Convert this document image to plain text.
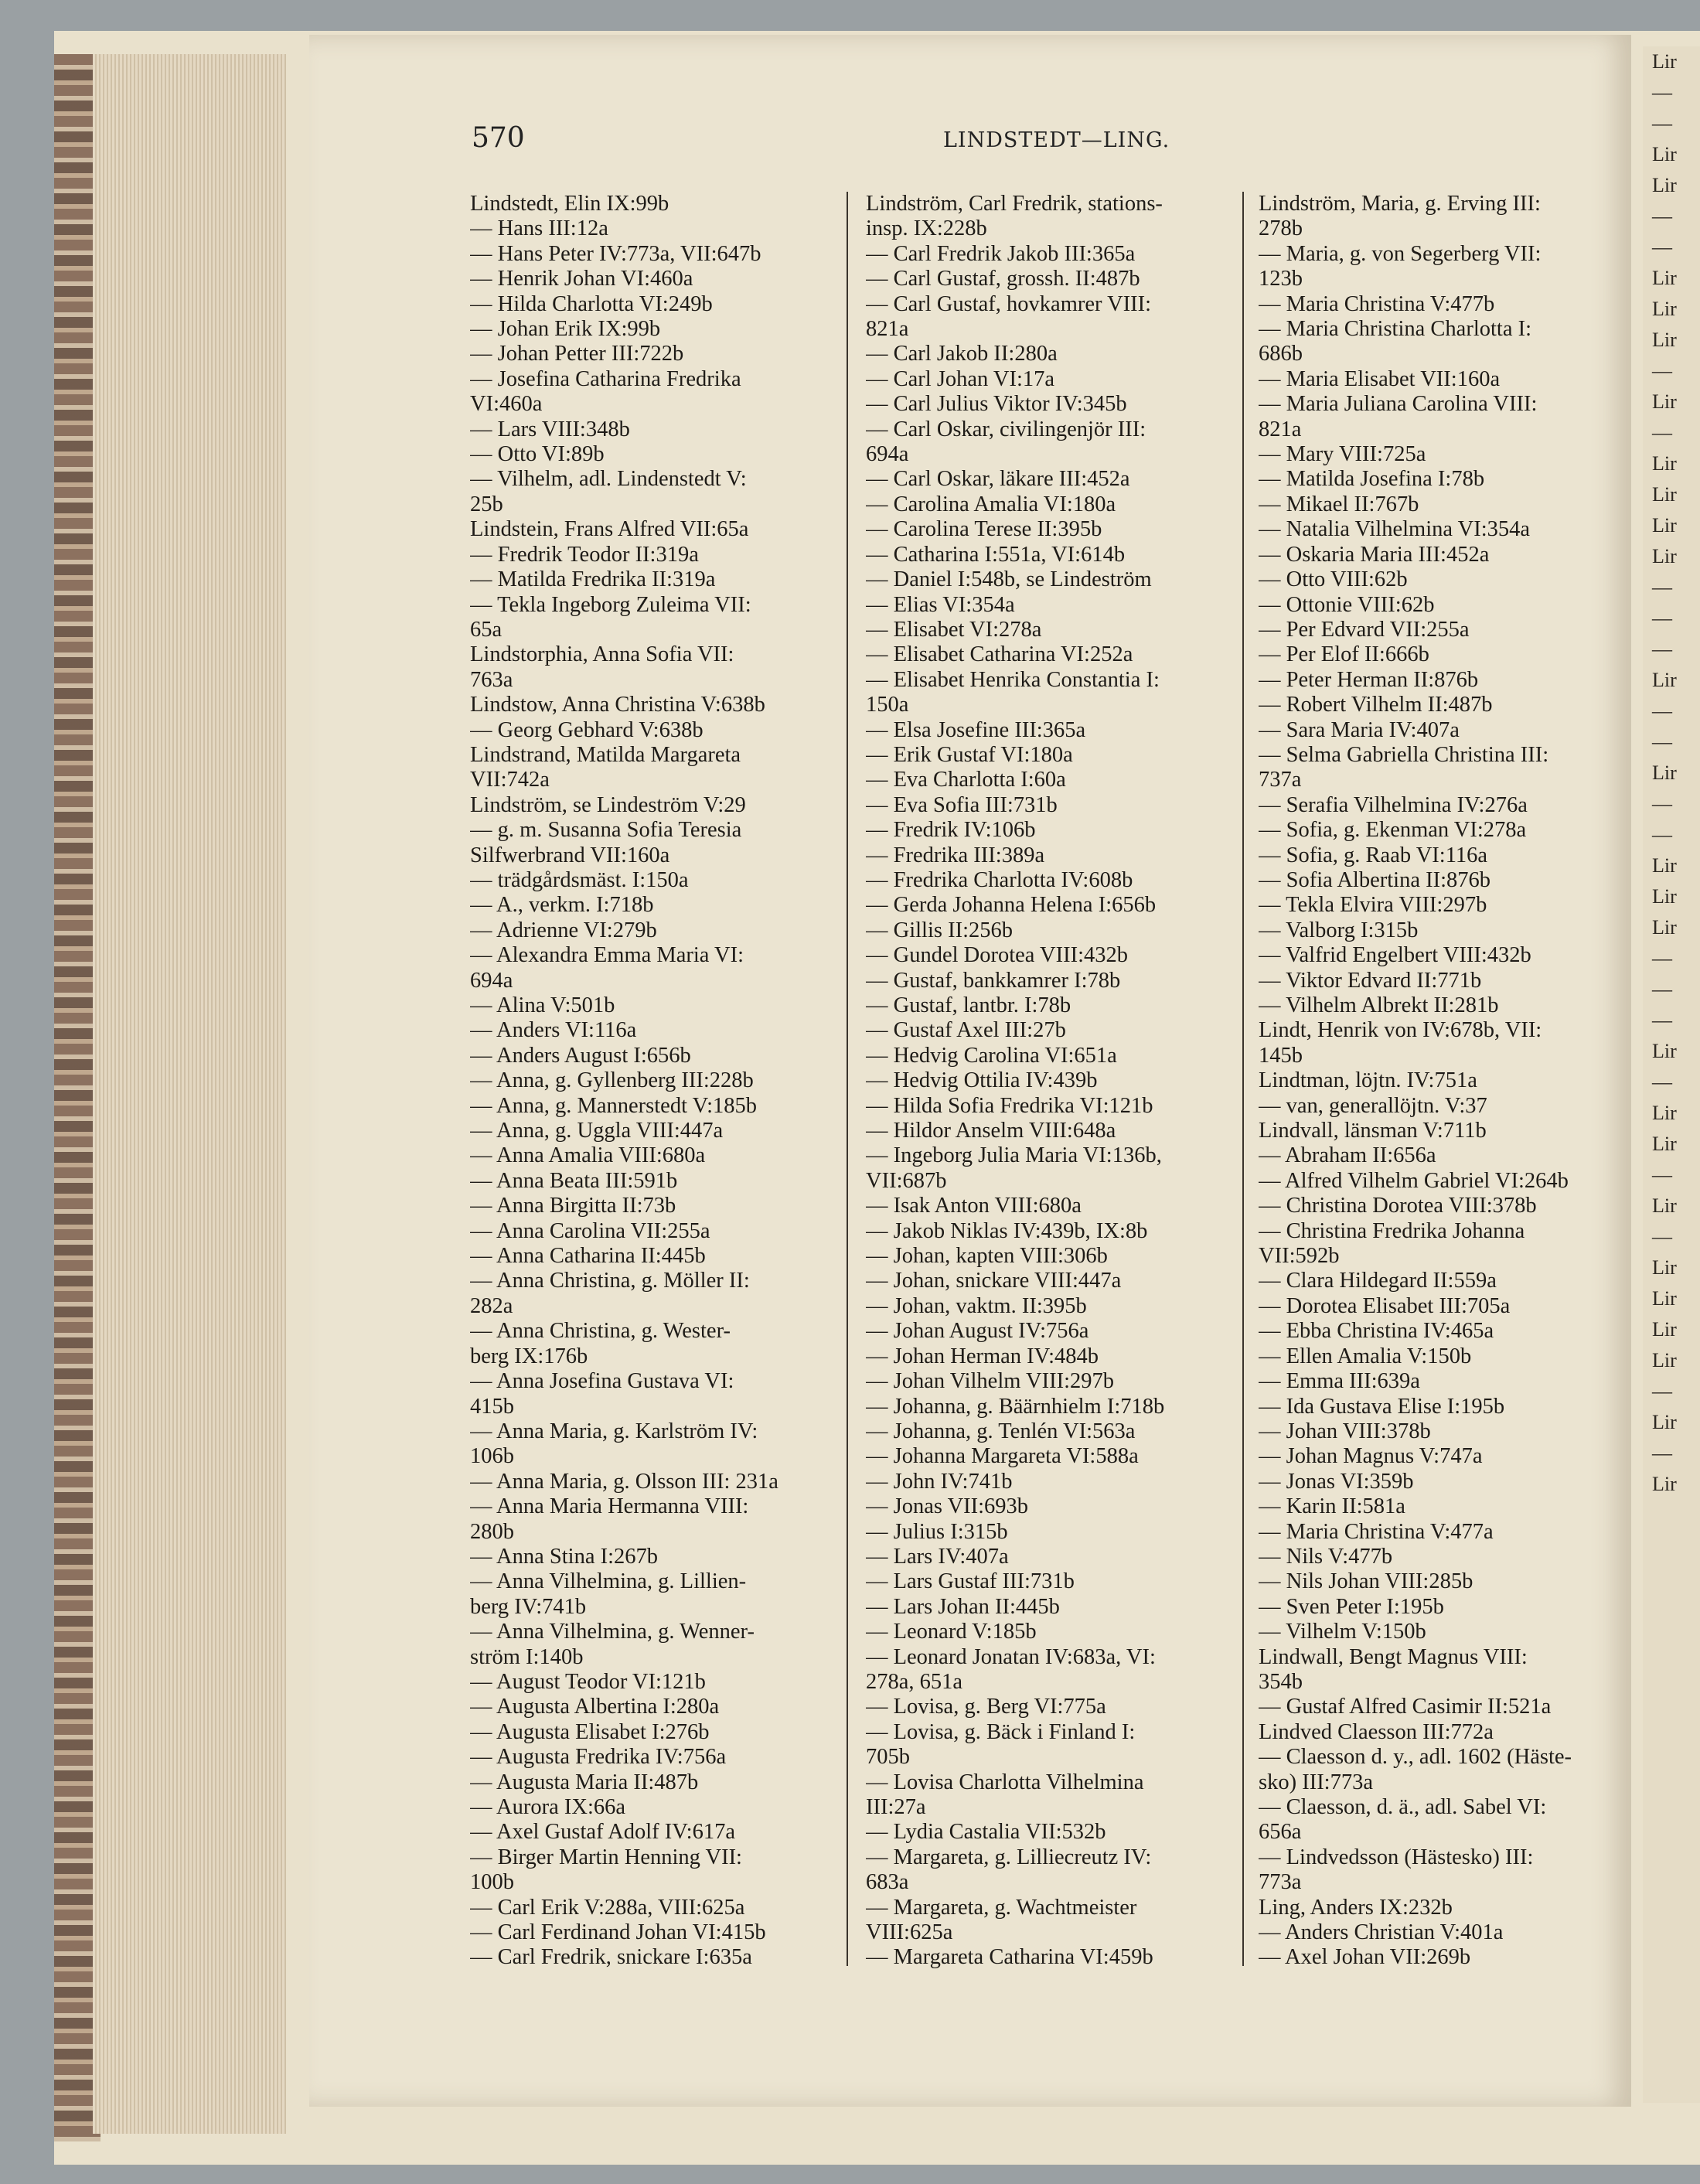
Lir
—
—
Lir
Lir
—
—
Lir
Lir
Lir
—
Lir
—
Lir
Lir
Lir
Lir
—
—
—
Lir
—
—
Lir
—
—
Lir
Lir
Lir
—
—
—
Lir
—
Lir
Lir
—
Lir
—
Lir
Lir
Lir
Lir
—
Lir
—
Lir
570	LINDSTEDT—LING.
Lindstedt, Elin IX:99b
— Hans III:12a
— Hans Peter IV:773a, VII:647b
— Henrik Johan VI:460a
— Hilda Charlotta VI:249b
— Johan Erik IX:99b
— Johan Petter III:722b
— Josefina Catharina Fredrika
VI:460a
— Lars VIII:348b
— Otto VI:89b
— Vilhelm, adl. Lindenstedt V:
25b
Lindstein, Frans Alfred VII:65a
— Fredrik Teodor II:319a
— Matilda Fredrika II:319a
— Tekla Ingeborg Zuleima VII:
65a
Lindstorphia, Anna Sofia VII:
763a
Lindstow, Anna Christina V:638b
— Georg Gebhard V:638b
Lindstrand, Matilda Margareta
VII:742a
Lindström, se Lindeström V:29
— g. m. Susanna Sofia Teresia
Silfwerbrand VII:160a
— trädgårdsmäst. I:150a
— A., verkm. I:718b
— Adrienne VI:279b
— Alexandra Emma Maria VI:
694a
— Alina V:501b
— Anders VI:116a
— Anders August I:656b
— Anna, g. Gyllenberg III:228b
— Anna, g. Mannerstedt V:185b
— Anna, g. Uggla VIII:447a
— Anna Amalia VIII:680a
— Anna Beata III:591b
— Anna Birgitta II:73b
— Anna Carolina VII:255a
— Anna Catharina II:445b
— Anna Christina, g. Möller II:
282a
— Anna Christina, g. Wester-
berg IX:176b
— Anna Josefina Gustava VI:
415b
— Anna Maria, g. Karlström IV:
106b
— Anna Maria, g. Olsson III: 231a
— Anna Maria Hermanna VIII:
280b
— Anna Stina I:267b
— Anna Vilhelmina, g. Lillien-
berg IV:741b
— Anna Vilhelmina, g. Wenner-
ström I:140b
— August Teodor VI:121b
— Augusta Albertina I:280a
— Augusta Elisabet I:276b
— Augusta Fredrika IV:756a
— Augusta Maria II:487b
— Aurora IX:66a
— Axel Gustaf Adolf IV:617a
— Birger Martin Henning VII:
100b
— Carl Erik V:288a, VIII:625a
— Carl Ferdinand Johan VI:415b
— Carl Fredrik, snickare I:635a
Lindström, Carl Fredrik, stations-
insp. IX:228b
— Carl Fredrik Jakob III:365a
— Carl Gustaf, grossh. II:487b
— Carl Gustaf, hovkamrer VIII:
821a
— Carl Jakob II:280a
— Carl Johan VI:17a
— Carl Julius Viktor IV:345b
— Carl Oskar, civilingenjör III:
694a
— Carl Oskar, läkare III:452a
— Carolina Amalia VI:180a
— Carolina Terese II:395b
— Catharina I:551a, VI:614b
— Daniel I:548b, se Lindeström
— Elias VI:354a
— Elisabet VI:278a
— Elisabet Catharina VI:252a
— Elisabet Henrika Constantia I:
150a
— Elsa Josefine III:365a
— Erik Gustaf VI:180a
— Eva Charlotta I:60a
— Eva Sofia III:731b
— Fredrik IV:106b
— Fredrika III:389a
— Fredrika Charlotta IV:608b
— Gerda Johanna Helena I:656b
— Gillis II:256b
— Gundel Dorotea VIII:432b
— Gustaf, bankkamrer I:78b
— Gustaf, lantbr. I:78b
— Gustaf Axel III:27b
— Hedvig Carolina VI:651a
— Hedvig Ottilia IV:439b
— Hilda Sofia Fredrika VI:121b
— Hildor Anselm VIII:648a
— Ingeborg Julia Maria VI:136b,
VII:687b
— Isak Anton VIII:680a
— Jakob Niklas IV:439b, IX:8b
— Johan, kapten VIII:306b
— Johan, snickare VIII:447a
— Johan, vaktm. II:395b
— Johan August IV:756a
— Johan Herman IV:484b
— Johan Vilhelm VIII:297b
— Johanna, g. Bäärnhielm I:718b
— Johanna, g. Tenlén VI:563a
— Johanna Margareta VI:588a
— John IV:741b
— Jonas VII:693b
— Julius I:315b
— Lars IV:407a
— Lars Gustaf III:731b
— Lars Johan II:445b
— Leonard V:185b
— Leonard Jonatan IV:683a, VI:
278a, 651a
— Lovisa, g. Berg VI:775a
— Lovisa, g. Bäck i Finland I:
705b
— Lovisa Charlotta Vilhelmina
III:27a
— Lydia Castalia VII:532b
— Margareta, g. Lilliecreutz IV:
683a
— Margareta, g. Wachtmeister
VIII:625a
— Margareta Catharina VI:459b
Lindström, Maria, g. Erving III:
278b
— Maria, g. von Segerberg VII:
123b
— Maria Christina V:477b
— Maria Christina Charlotta I:
686b
— Maria Elisabet VII:160a
— Maria Juliana Carolina VIII:
821a
— Mary VIII:725a
— Matilda Josefina I:78b
— Mikael II:767b
— Natalia Vilhelmina VI:354a
— Oskaria Maria III:452a
— Otto VIII:62b
— Ottonie VIII:62b
— Per Edvard VII:255a
— Per Elof II:666b
— Peter Herman II:876b
— Robert Vilhelm II:487b
— Sara Maria IV:407a
— Selma Gabriella Christina III:
737a
— Serafia Vilhelmina IV:276a
— Sofia, g. Ekenman VI:278a
— Sofia, g. Raab VI:116a
— Sofia Albertina II:876b
— Tekla Elvira VIII:297b
— Valborg I:315b
— Valfrid Engelbert VIII:432b
— Viktor Edvard II:771b
— Vilhelm Albrekt II:281b
Lindt, Henrik von IV:678b, VII:
145b
Lindtman, löjtn. IV:751a
— van, generallöjtn. V:37
Lindvall, länsman V:711b
— Abraham II:656a
— Alfred Vilhelm Gabriel VI:264b
— Christina Dorotea VIII:378b
— Christina Fredrika Johanna
VII:592b
— Clara Hildegard II:559a
— Dorotea Elisabet III:705a
— Ebba Christina IV:465a
— Ellen Amalia V:150b
— Emma III:639a
— Ida Gustava Elise I:195b
— Johan VIII:378b
— Johan Magnus V:747a
— Jonas VI:359b
— Karin II:581a
— Maria Christina V:477a
— Nils V:477b
— Nils Johan VIII:285b
— Sven Peter I:195b
— Vilhelm V:150b
Lindwall, Bengt Magnus VIII:
354b
— Gustaf Alfred Casimir II:521a
Lindved Claesson III:772a
— Claesson d. y., adl. 1602 (Häste-
sko) III:773a
— Claesson, d. ä., adl. Sabel VI:
656a
— Lindvedsson (Hästesko) III:
773a
Ling, Anders IX:232b
— Anders Christian V:401a
— Axel Johan VII:269b
